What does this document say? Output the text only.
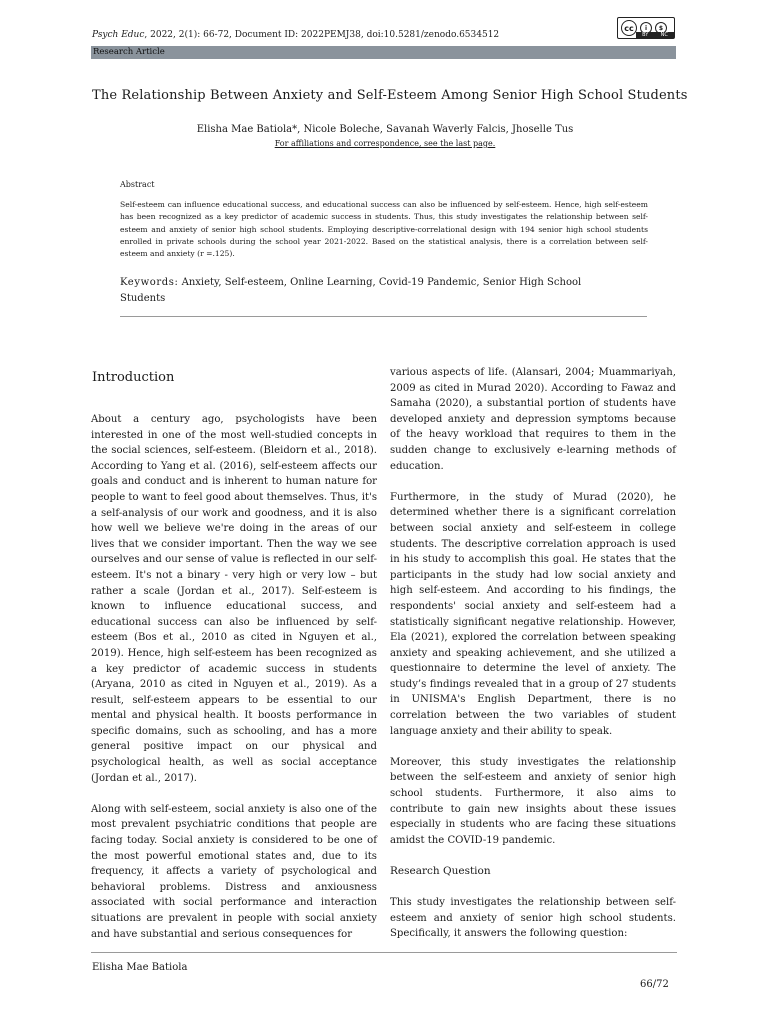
Psych Educ, 2022, 2(1): 66-72, Document ID: 2022PEMJ38, doi:10.5281/zenodo.6534512
cc	i	$
BY NC
Research Article
The Relationship Between Anxiety and Self-Esteem Among Senior High School Students
Elisha Mae Batiola*, Nicole Boleche, Savanah Waverly Falcis, Jhoselle Tus
For affiliations and correspondence, see the last page.
Abstract
Self-esteem can influence educational success, and educational success can also be influenced by self-esteem. Hence, high self-esteem has been recognized as a key predictor of academic success in students. Thus, this study investigates the relationship between self-esteem and anxiety of senior high school students. Employing descriptive-correlational design with 194 senior high school students enrolled in private schools during the school year 2021-2022. Based on the statistical analysis, there is a correlation between self-esteem and anxiety (r =.125).
Keywords: Anxiety, Self-esteem, Online Learning, Covid-19 Pandemic, Senior High School Students
Introduction

About a century ago, psychologists have been interested in one of the most well-studied concepts in the social sciences, self-esteem. (Bleidorn et al., 2018). According to Yang et al. (2016), self-esteem affects our goals and conduct and is inherent to human nature for people to want to feel good about themselves. Thus, it's a self-analysis of our work and goodness, and it is also how well we believe we're doing in the areas of our lives that we consider important. Then the way we see ourselves and our sense of value is reflected in our self-esteem. It's not a binary - very high or very low – but rather a scale (Jordan et al., 2017). Self-esteem is known to influence educational success, and educational success can also be influenced by self-esteem (Bos et al., 2010 as cited in Nguyen et al., 2019). Hence, high self-esteem has been recognized as a key predictor of academic success in students (Aryana, 2010 as cited in Nguyen et al., 2019). As a result, self-esteem appears to be essential to our mental and physical health. It boosts performance in specific domains, such as schooling, and has a more general positive impact on our physical and psychological health, as well as social acceptance (Jordan et al., 2017).

Along with self-esteem, social anxiety is also one of the most prevalent psychiatric conditions that people are facing today. Social anxiety is considered to be one of the most powerful emotional states and, due to its frequency, it affects a variety of psychological and behavioral problems. Distress and anxiousness associated with social performance and interaction situations are prevalent in people with social anxiety and have substantial and serious consequences for

various aspects of life. (Alansari, 2004; Muammariyah, 2009 as cited in Murad 2020). According to Fawaz and Samaha (2020), a substantial portion of students have developed anxiety and depression symptoms because of the heavy workload that requires to them in the sudden change to exclusively e-learning methods of education.

Furthermore, in the study of Murad (2020), he determined whether there is a significant correlation between social anxiety and self-esteem in college students. The descriptive correlation approach is used in his study to accomplish this goal. He states that the participants in the study had low social anxiety and high self-esteem. And according to his findings, the respondents' social anxiety and self-esteem had a statistically significant negative relationship. However, Ela (2021), explored the correlation between speaking anxiety and speaking achievement, and she utilized a questionnaire to determine the level of anxiety. The study’s findings revealed that in a group of 27 students in UNISMA's English Department, there is no correlation between the two variables of student language anxiety and their ability to speak.

Moreover, this study investigates the relationship between the self-esteem and anxiety of senior high school students. Furthermore, it also aims to contribute to gain new insights about these issues especially in students who are facing these situations amidst the COVID-19 pandemic.

Research Question

This study investigates the relationship between self-esteem and anxiety of senior high school students. Specifically, it answers the following question:

Elisha Mae Batiola
66/72
